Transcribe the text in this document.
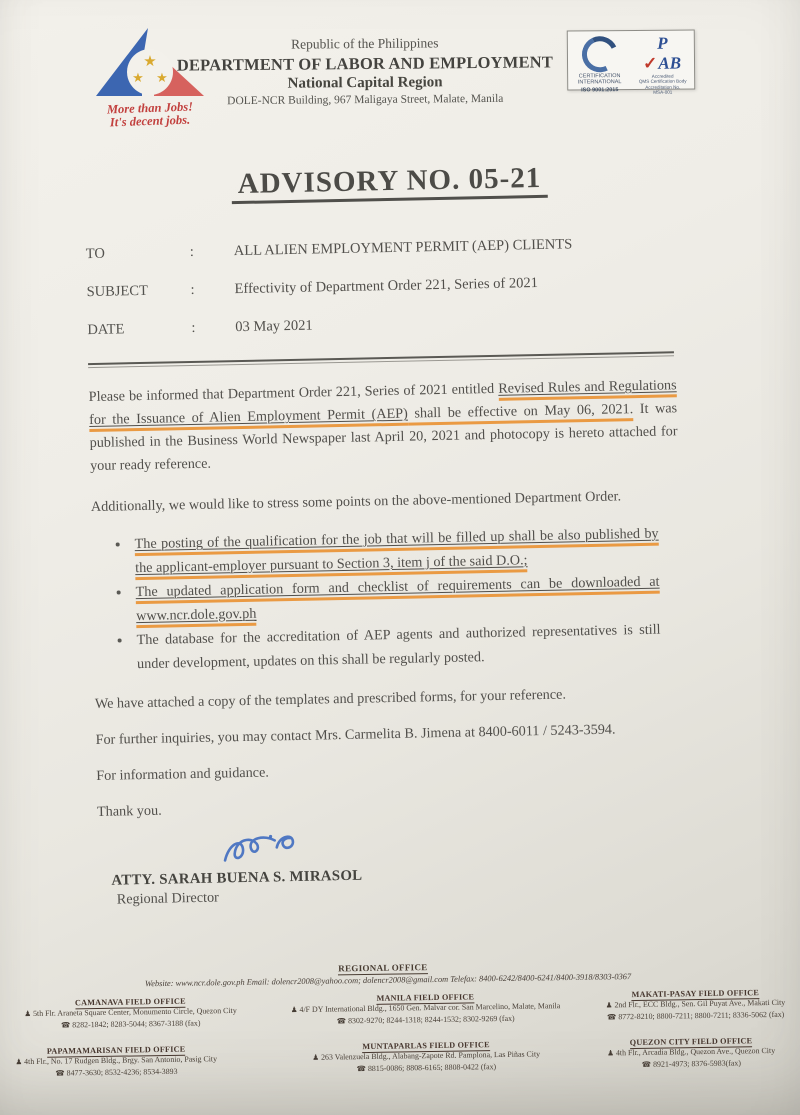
★
★ ★
More than Jobs!
It's decent jobs.
Republic of the Philippines
DEPARTMENT OF LABOR AND EMPLOYMENT
National Capital Region
DOLE-NCR Building, 967 Maligaya Street, Malate, Manila
CERTIFICATION
INTERNATIONAL
ISO 9001:2015
P
✓AB
Accredited
QMS Certification Body
Accreditation No.
MSA-001
ADVISORY NO. 05-21
TO	:	ALL ALIEN EMPLOYMENT PERMIT (AEP) CLIENTS
SUBJECT	:	Effectivity of Department Order 221, Series of 2021
DATE	:	03 May 2021
Please be informed that Department Order 221, Series of 2021 entitled Revised Rules and Regulations for the Issuance of Alien Employment Permit (AEP) shall be effective on May 06, 2021. It was published in the Business World Newspaper last April 20, 2021 and photocopy is hereto attached for your ready reference.
Additionally, we would like to stress some points on the above-mentioned Department Order.
• The posting of the qualification for the job that will be filled up shall be also published by the applicant-employer pursuant to Section 3, item j of the said D.O.;
• The updated application form and checklist of requirements can be downloaded at www.ncr.dole.gov.ph
• The database for the accreditation of AEP agents and authorized representatives is still under development, updates on this shall be regularly posted.
We have attached a copy of the templates and prescribed forms, for your reference.
For further inquiries, you may contact Mrs. Carmelita B. Jimena at 8400-6011 / 5243-3594.
For information and guidance.
Thank you.
ATTY. SARAH BUENA S. MIRASOL
Regional Director
REGIONAL OFFICE
Website: www.ncr.dole.gov.ph Email: dolencr2008@yahoo.com; dolencr2008@gmail.com Telefax: 8400-6242/8400-6241/8400-3918/8303-0367
CAMANAVA FIELD OFFICE
♟ 5th Flr. Araneta Square Center, Monumento Circle, Quezon City
☎ 8282-1842; 8283-5044; 8367-3188 (fax)
MANILA FIELD OFFICE
♟ 4/F DY International Bldg., 1650 Gen. Malvar cor. San Marcelino, Malate, Manila
☎ 8302-9270; 8244-1318; 8244-1532; 8302-9269 (fax)
MAKATI-PASAY FIELD OFFICE
♟ 2nd Flr., ECC Bldg., Sen. Gil Puyat Ave., Makati City
☎ 8772-8210; 8800-7211; 8800-7211; 8336-5062 (fax)
PAPAMAMARISAN FIELD OFFICE
♟ 4th Flr., No. 17 Rudgen Bldg., Brgy. San Antonio, Pasig City
☎ 8477-3630; 8532-4236; 8534-3893
MUNTAPARLAS FIELD OFFICE
♟ 263 Valenzuela Bldg., Alabang-Zapote Rd. Pamplona, Las Piñas City
☎ 8815-0086; 8808-6165; 8808-0422 (fax)
QUEZON CITY FIELD OFFICE
♟ 4th Flr., Arcadia Bldg., Quezon Ave., Quezon City
☎ 8921-4973; 8376-5983(fax)
